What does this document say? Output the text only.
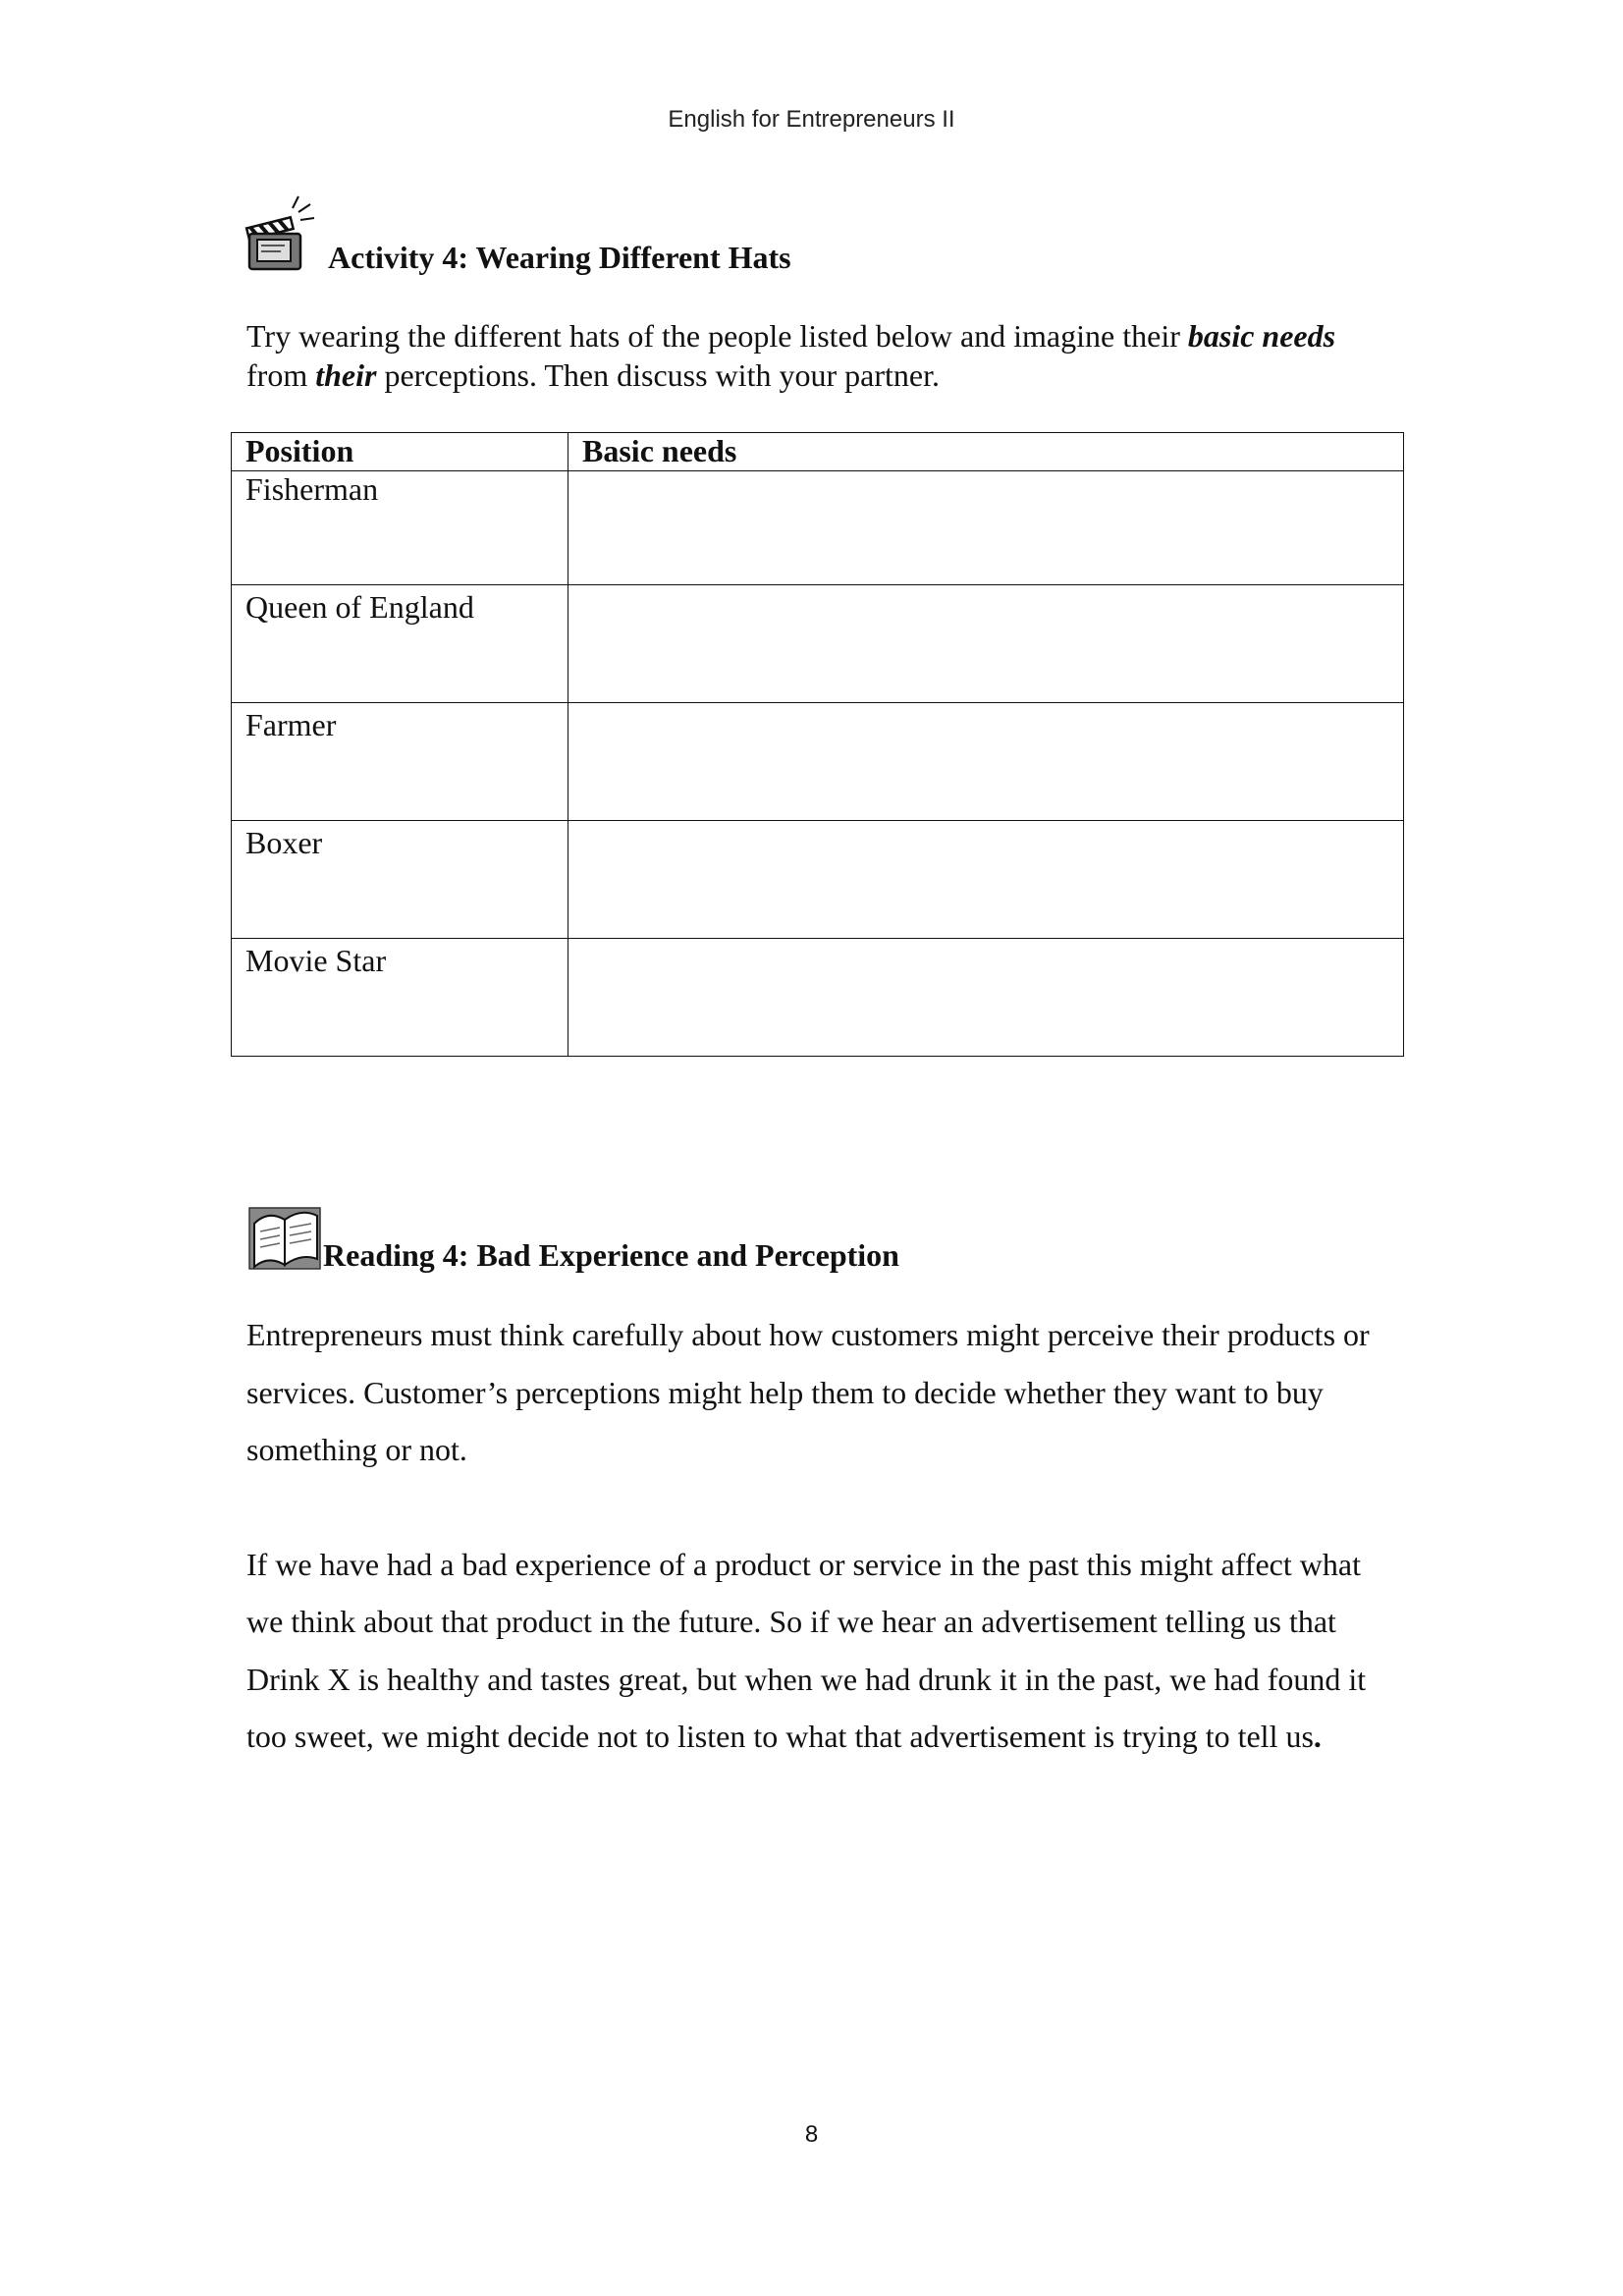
English for Entrepreneurs II
Activity 4: Wearing Different Hats
Try wearing the different hats of the people listed below and imagine their basic needs from their perceptions. Then discuss with your partner.
Position	Basic needs
Fisherman	
Queen of England	
Farmer	
Boxer	
Movie Star	
Reading 4: Bad Experience and Perception

Entrepreneurs must think carefully about how customers might perceive their products or services. Customer’s perceptions might help them to decide whether they want to buy something or not.

If we have had a bad experience of a product or service in the past this might affect what we think about that product in the future. So if we hear an advertisement telling us that Drink X is healthy and tastes great, but when we had drunk it in the past, we had found it too sweet, we might decide not to listen to what that advertisement is trying to tell us.

8
